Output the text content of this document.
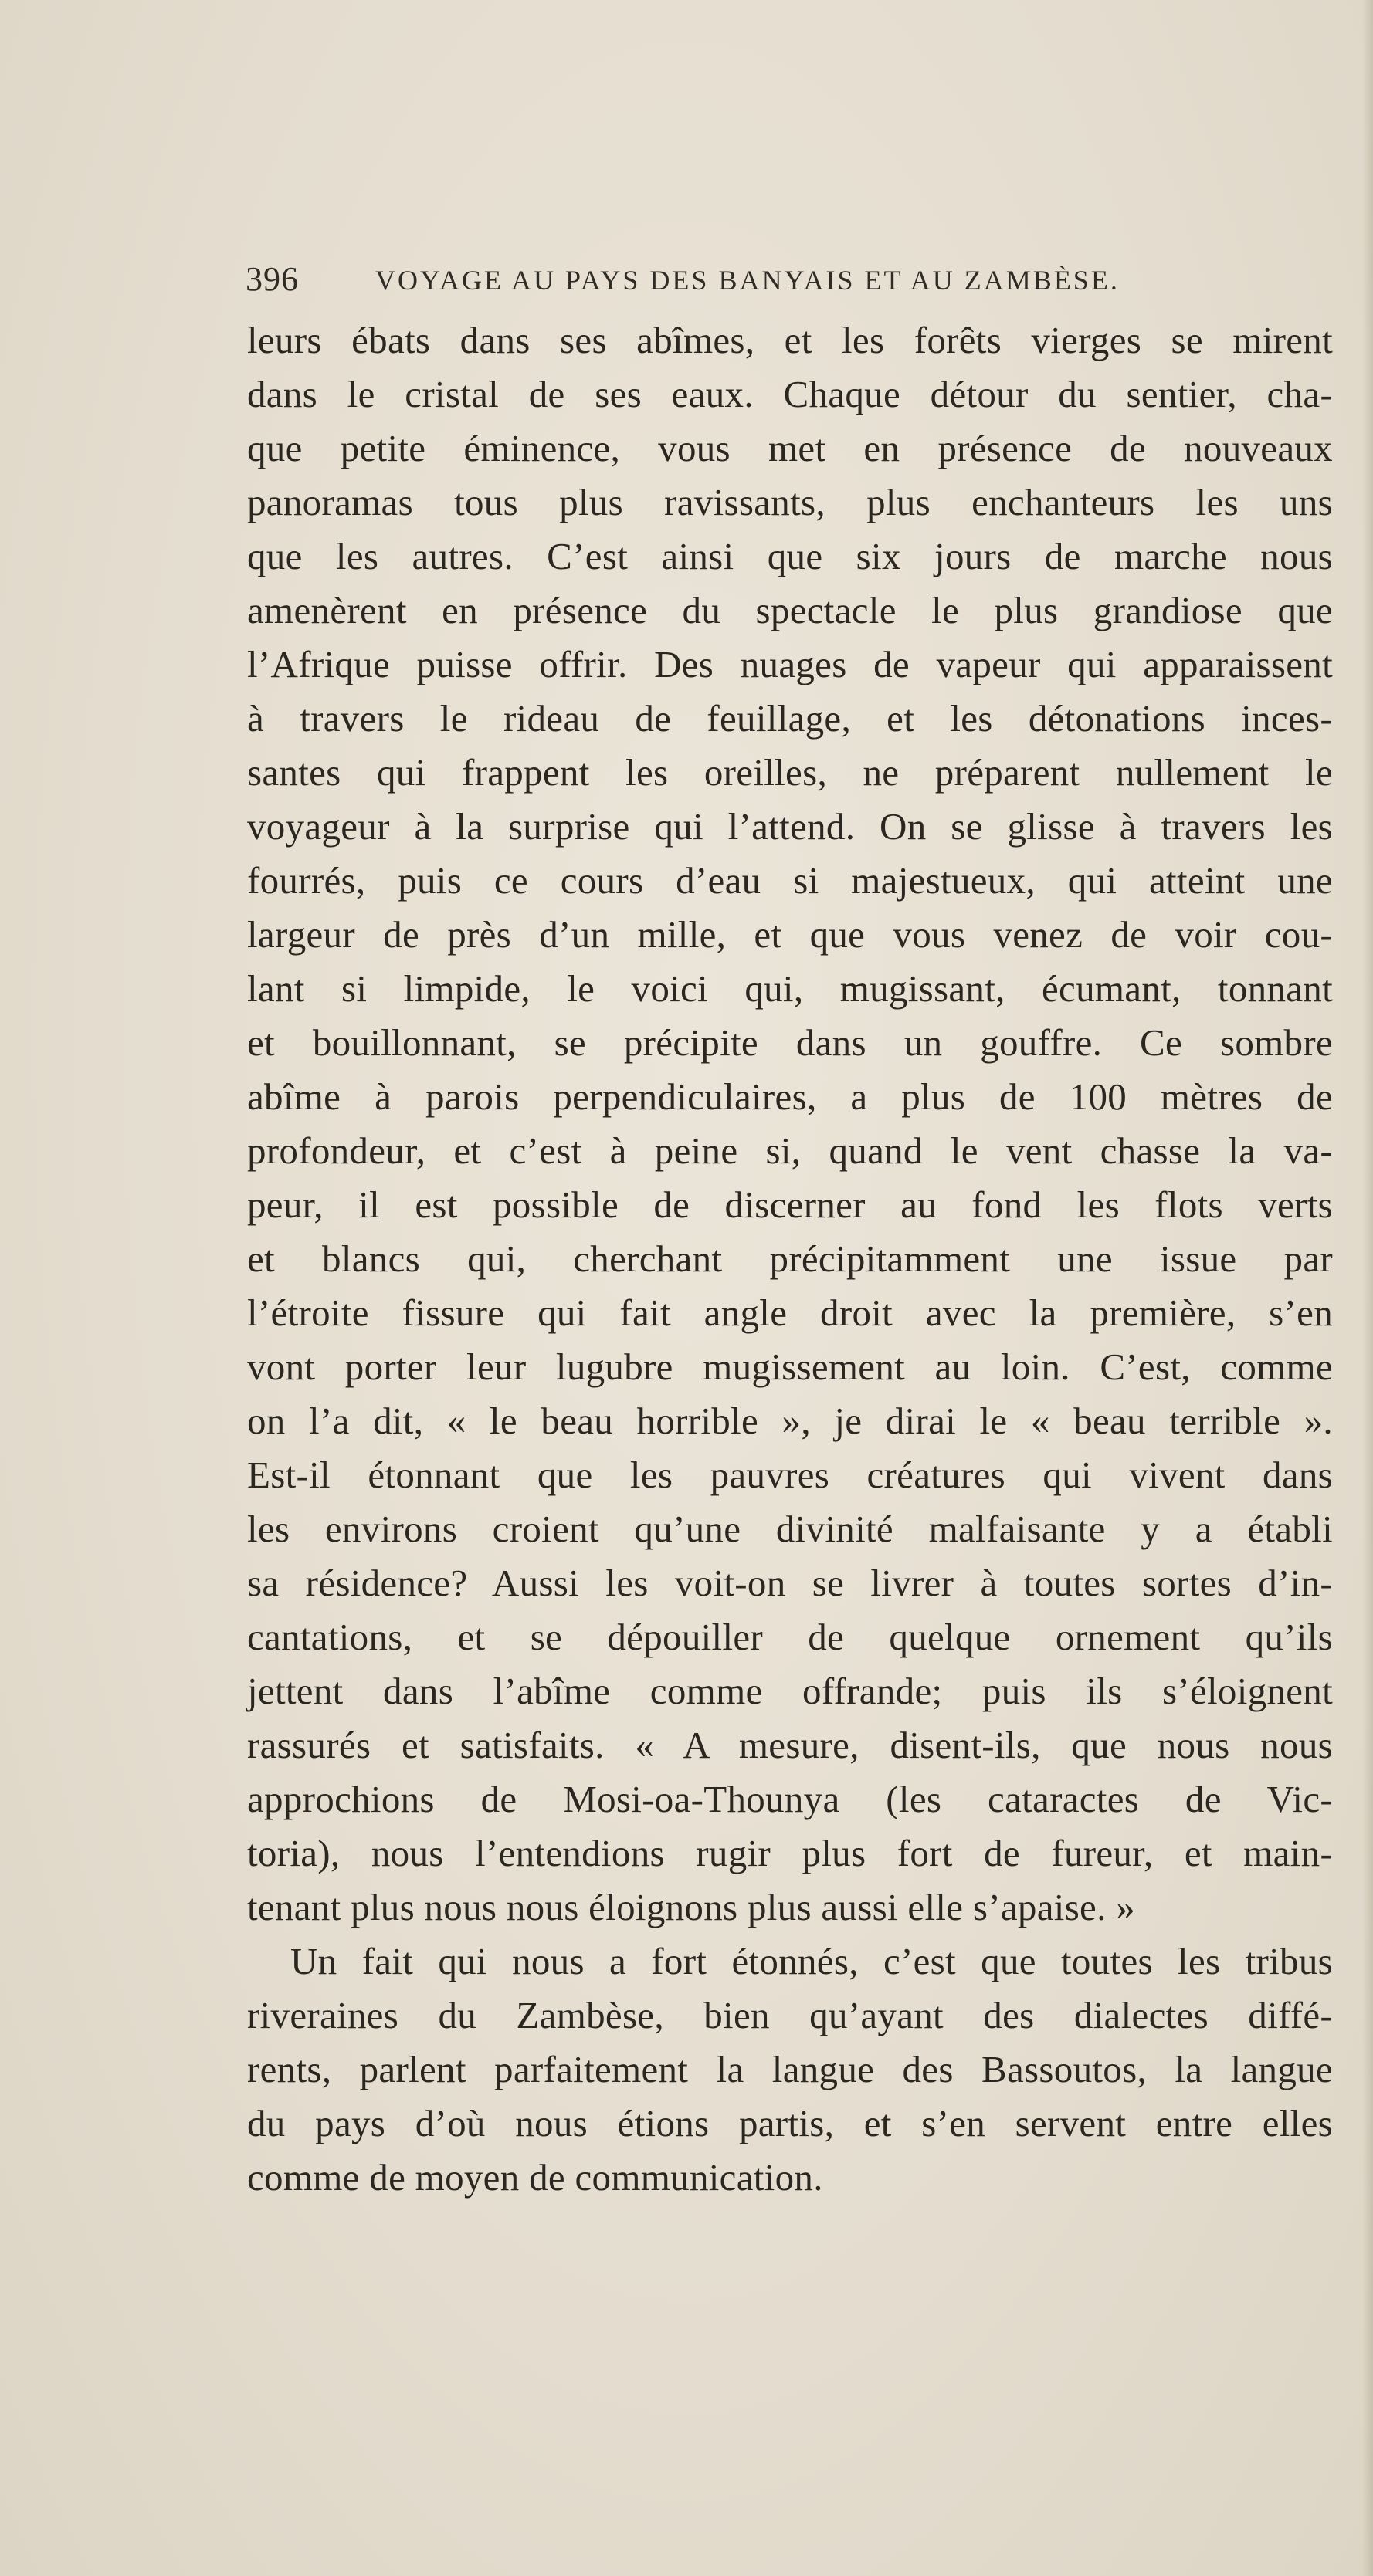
396	VOYAGE AU PAYS DES BANYAIS ET AU ZAMBÈSE.
leurs ébats dans ses abîmes, et les forêts vierges se mirent
dans le cristal de ses eaux. Chaque détour du sentier, cha-
que petite éminence, vous met en présence de nouveaux
panoramas tous plus ravissants, plus enchanteurs les uns
que les autres. C’est ainsi que six jours de marche nous
amenèrent en présence du spectacle le plus grandiose que
l’Afrique puisse offrir. Des nuages de vapeur qui apparaissent
à travers le rideau de feuillage, et les détonations inces-
santes qui frappent les oreilles, ne préparent nullement le
voyageur à la surprise qui l’attend. On se glisse à travers les
fourrés, puis ce cours d’eau si majestueux, qui atteint une
largeur de près d’un mille, et que vous venez de voir cou-
lant si limpide, le voici qui, mugissant, écumant, tonnant
et bouillonnant, se précipite dans un gouffre. Ce sombre
abîme à parois perpendiculaires, a plus de 100 mètres de
profondeur, et c’est à peine si, quand le vent chasse la va-
peur, il est possible de discerner au fond les flots verts
et blancs qui, cherchant précipitamment une issue par
l’étroite fissure qui fait angle droit avec la première, s’en
vont porter leur lugubre mugissement au loin. C’est, comme
on l’a dit, « le beau horrible », je dirai le « beau terrible ».
Est-il étonnant que les pauvres créatures qui vivent dans
les environs croient qu’une divinité malfaisante y a établi
sa résidence? Aussi les voit-on se livrer à toutes sortes d’in-
cantations, et se dépouiller de quelque ornement qu’ils
jettent dans l’abîme comme offrande; puis ils s’éloignent
rassurés et satisfaits. « A mesure, disent-ils, que nous nous
approchions de Mosi-oa-Thounya (les cataractes de Vic-
toria), nous l’entendions rugir plus fort de fureur, et main-
tenant plus nous nous éloignons plus aussi elle s’apaise. »
Un fait qui nous a fort étonnés, c’est que toutes les tribus
riveraines du Zambèse, bien qu’ayant des dialectes diffé-
rents, parlent parfaitement la langue des Bassoutos, la langue
du pays d’où nous étions partis, et s’en servent entre elles
comme de moyen de communication.
